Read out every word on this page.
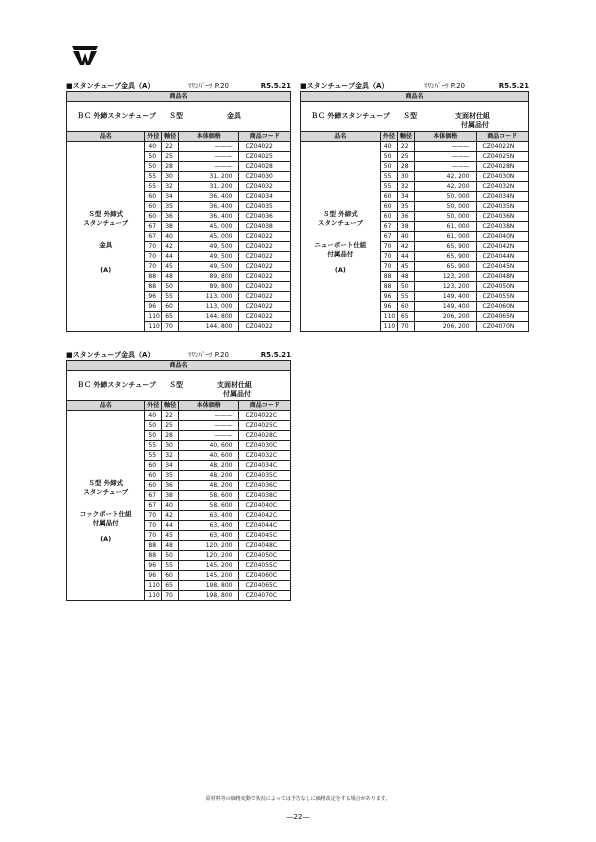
■スタンチューブ金具（A）	ﾏﾘﾝﾊﾟｰﾂ P.20	R5.5.21
商品名				

ＢＣ 外締スタンチューブ Ｓ型 金具				

品名	外径	軸径	本体価格	商品コード

Ｓ型 外締式
スタンチューブ
金具
(A)	40	22	———	CZ04022
	50	25	———	CZ04025
	50	28	———	CZ04028
	55	30	31, 200	CZ04030
	55	32	31, 200	CZ04032
	60	34	36, 400	CZ04034
	60	35	36, 400	CZ04035
	60	36	36, 400	CZ04036
	67	38	45, 000	CZ04038
	67	40	45, 000	CZ04022
	70	42	49, 500	CZ04022
	70	44	49, 500	CZ04022
	70	45	49, 500	CZ04022
	88	48	89, 800	CZ04022
	88	50	89, 800	CZ04022
	96	55	113, 000	CZ04022
	96	60	113, 000	CZ04022
	110	65	144, 800	CZ04022
	110	70	144, 800	CZ04022
■スタンチューブ金具（A）	ﾏﾘﾝﾊﾟｰﾂ P.20	R5.5.21
商品名				

ＢＣ 外締スタンチューブ Ｓ型 支面材仕組
付属品付				

品名	外径	軸径	本体価格	商品コード

Ｓ型 外締式
スタンチューブ
ニューポート仕組
付属品付
(A)	40	22	———	CZ04022N
	50	25	———	CZ04025N
	50	28	———	CZ04028N
	55	30	42, 200	CZ04030N
	55	32	42, 200	CZ04032N
	60	34	50, 000	CZ04034N
	60	35	50, 000	CZ04035N
	60	36	50, 000	CZ04036N
	67	38	61, 000	CZ04038N
	67	40	61, 000	CZ04040N
	70	42	65, 900	CZ04042N
	70	44	65, 900	CZ04044N
	70	45	65, 900	CZ04045N
	88	48	123, 200	CZ04048N
	88	50	123, 200	CZ04050N
	96	55	149, 400	CZ04055N
	96	60	149, 400	CZ04060N
	110	65	206, 200	CZ04065N
	110	70	206, 200	CZ04070N
■スタンチューブ金具（A）	ﾏﾘﾝﾊﾟｰﾂ P.20	R5.5.21
商品名				

ＢＣ 外締スタンチューブ Ｓ型 支面材仕組
付属品付				

品名	外径	軸径	本体価格	商品コード

Ｓ型 外締式
スタンチューブ
コックポート仕組
付属品付
(A)	40	22	———	CZ04022C
	50	25	———	CZ04025C
	50	28	———	CZ04028C
	55	30	40, 600	CZ04030C
	55	32	40, 600	CZ04032C
	60	34	48, 200	CZ04034C
	60	35	48, 200	CZ04035C
	60	36	48, 200	CZ04036C
	67	38	58, 600	CZ04038C
	67	40	58, 600	CZ04040C
	70	42	63, 400	CZ04042C
	70	44	63, 400	CZ04044C
	70	45	63, 400	CZ04045C
	88	48	120, 200	CZ04048C
	88	50	120, 200	CZ04050C
	96	55	145, 200	CZ04055C
	96	60	145, 200	CZ04060C
	110	65	198, 800	CZ04065C
	110	70	198, 800	CZ04070C
原材料等の価格変動で状況によっては予告なしに価格改定をする場合があります。
―22―
